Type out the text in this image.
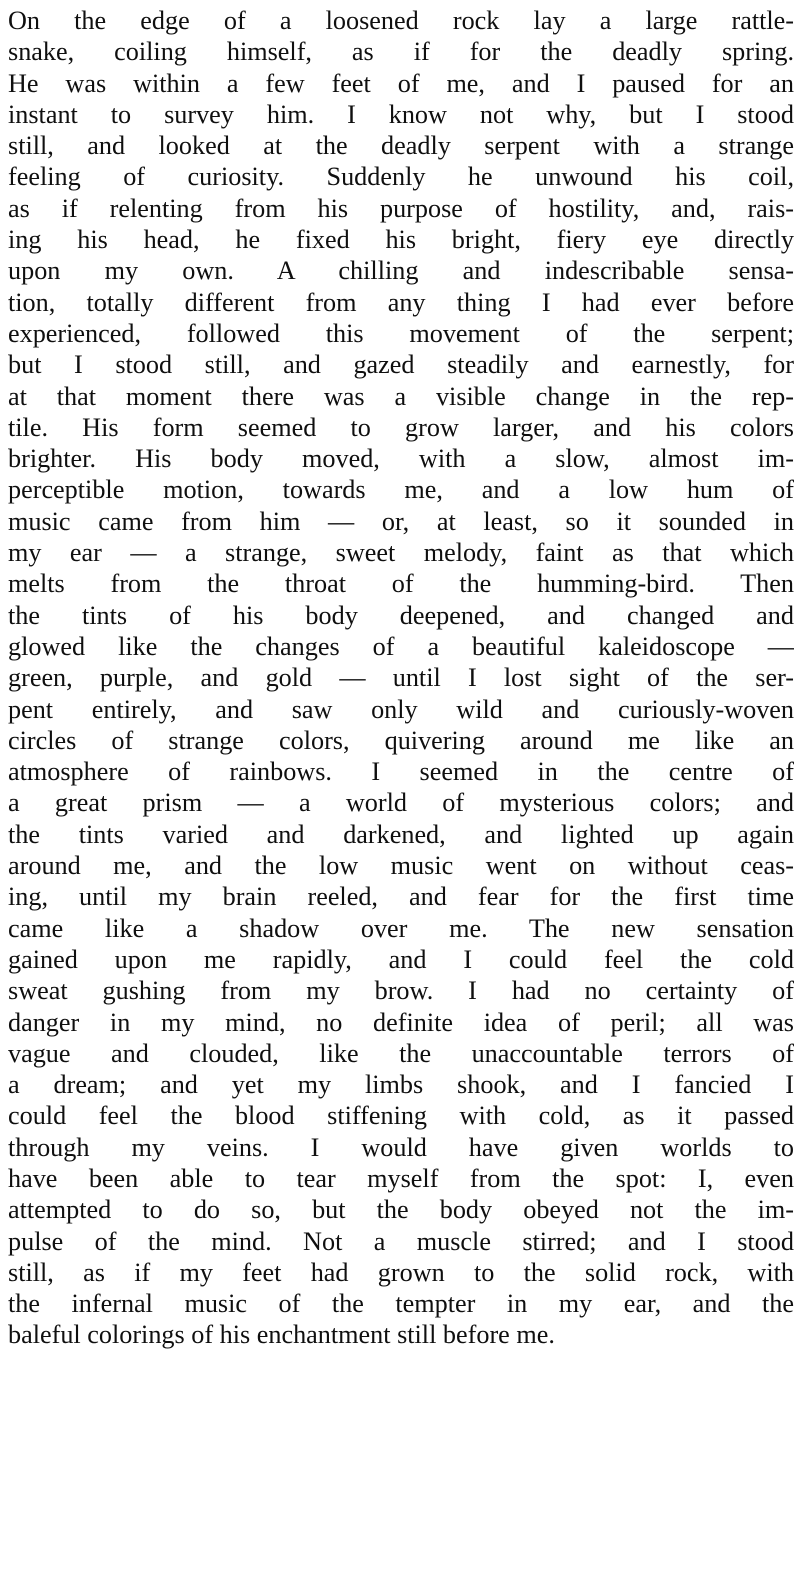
On the edge of a loosened rock lay a large rattle-
snake, coiling himself, as if for the deadly spring.
He was within a few feet of me, and I paused for an
instant to survey him. I know not why, but I stood
still, and looked at the deadly serpent with a strange
feeling of curiosity. Suddenly he unwound his coil,
as if relenting from his purpose of hostility, and, rais-
ing his head, he fixed his bright, fiery eye directly
upon my own. A chilling and indescribable sensa-
tion, totally different from any thing I had ever before
experienced, followed this movement of the serpent;
but I stood still, and gazed steadily and earnestly, for
at that moment there was a visible change in the rep-
tile. His form seemed to grow larger, and his colors
brighter. His body moved, with a slow, almost im-
perceptible motion, towards me, and a low hum of
music came from him — or, at least, so it sounded in
my ear — a strange, sweet melody, faint as that which
melts from the throat of the humming-bird. Then
the tints of his body deepened, and changed and
glowed like the changes of a beautiful kaleidoscope —
green, purple, and gold — until I lost sight of the ser-
pent entirely, and saw only wild and curiously-woven
circles of strange colors, quivering around me like an
atmosphere of rainbows. I seemed in the centre of
a great prism — a world of mysterious colors; and
the tints varied and darkened, and lighted up again
around me, and the low music went on without ceas-
ing, until my brain reeled, and fear for the first time
came like a shadow over me. The new sensation
gained upon me rapidly, and I could feel the cold
sweat gushing from my brow. I had no certainty of
danger in my mind, no definite idea of peril; all was
vague and clouded, like the unaccountable terrors of
a dream; and yet my limbs shook, and I fancied I
could feel the blood stiffening with cold, as it passed
through my veins. I would have given worlds to
have been able to tear myself from the spot: I, even
attempted to do so, but the body obeyed not the im-
pulse of the mind. Not a muscle stirred; and I stood
still, as if my feet had grown to the solid rock, with
the infernal music of the tempter in my ear, and the
baleful colorings of his enchantment still before me.
